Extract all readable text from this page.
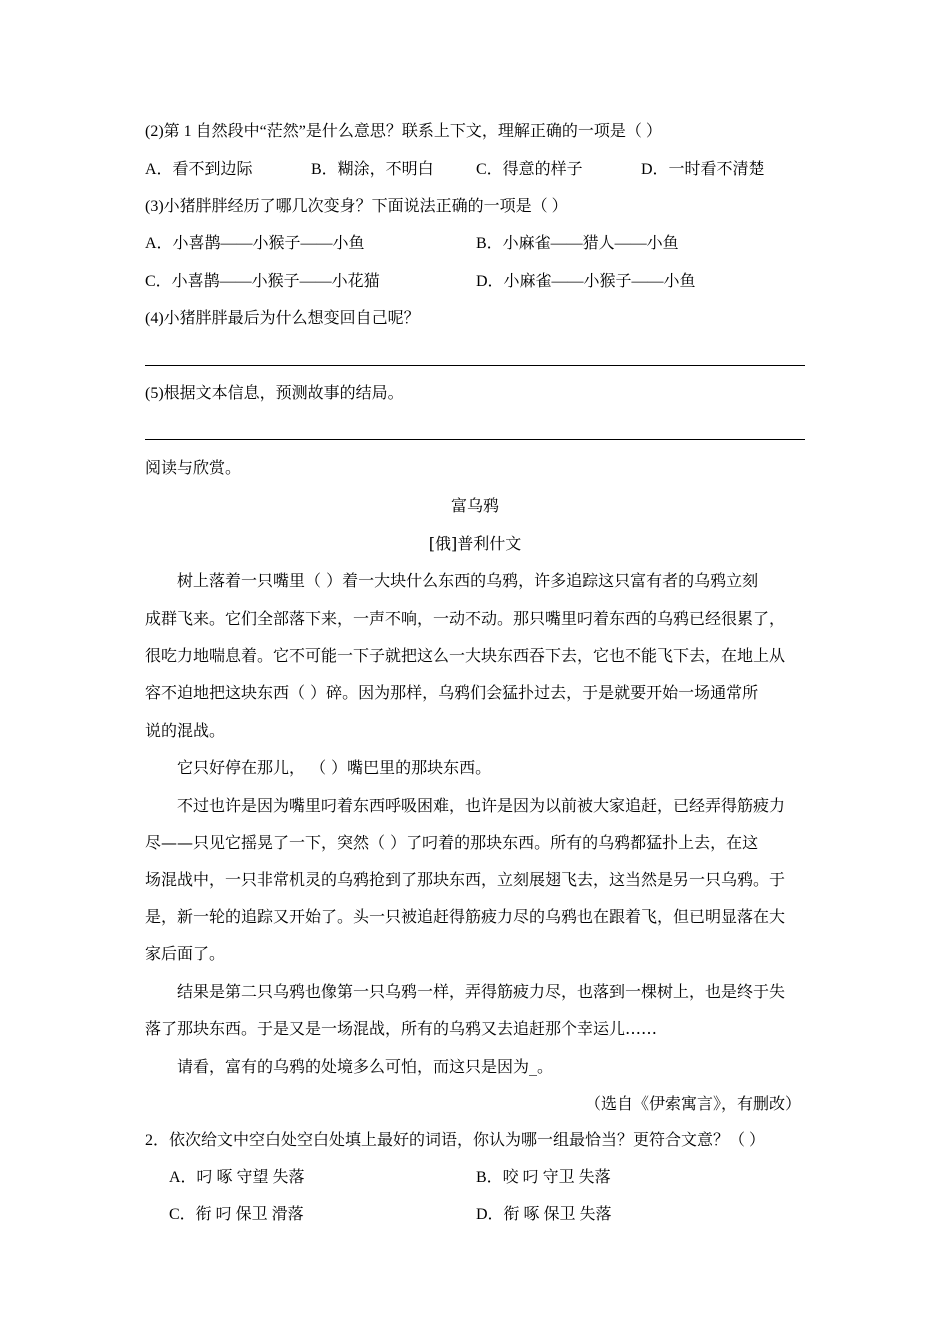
(2)第 1 自然段中“茫然”是什么意思？联系上下文，理解正确的一项是（ ）

A．看不到边际	B．糊涂，不明白	C．得意的样子	D．一时看不清楚

(3)小猪胖胖经历了哪几次变身？下面说法正确的一项是（ ）

A．小喜鹊——小猴子——小鱼	B．小麻雀——猎人——小鱼

C．小喜鹊——小猴子——小花猫	D．小麻雀——小猴子——小鱼

(4)小猪胖胖最后为什么想变回自己呢？

(5)根据文本信息，预测故事的结局。

阅读与欣赏。

富乌鸦

[俄]普利什文

树上落着一只嘴里（ ）着一大块什么东西的乌鸦，许多追踪这只富有者的乌鸦立刻

成群飞来。它们全部落下来，一声不响，一动不动。那只嘴里叼着东西的乌鸦已经很累了，

很吃力地喘息着。它不可能一下子就把这么一大块东西吞下去，它也不能飞下去，在地上从

容不迫地把这块东西（ ）碎。因为那样，乌鸦们会猛扑过去，于是就要开始一场通常所

说的混战。

它只好停在那儿， （ ）嘴巴里的那块东西。

不过也许是因为嘴里叼着东西呼吸困难，也许是因为以前被大家追赶，已经弄得筋疲力

尽——只见它摇晃了一下，突然（ ）了叼着的那块东西。所有的乌鸦都猛扑上去，在这

场混战中，一只非常机灵的乌鸦抢到了那块东西，立刻展翅飞去，这当然是另一只乌鸦。于

是，新一轮的追踪又开始了。头一只被追赶得筋疲力尽的乌鸦也在跟着飞，但已明显落在大

家后面了。

结果是第二只乌鸦也像第一只乌鸦一样，弄得筋疲力尽，也落到一棵树上，也是终于失

落了那块东西。于是又是一场混战，所有的乌鸦又去追赶那个幸运儿……

请看，富有的乌鸦的处境多么可怕，而这只是因为_。

（选自《伊索寓言》，有删改）

2．依次给文中空白处空白处填上最好的词语，你认为哪一组最恰当？更符合文意？（ ）

A．叼 啄 守望 失落	B．咬 叼 守卫 失落

C．衔 叼 保卫 滑落	D．衔 啄 保卫 失落
